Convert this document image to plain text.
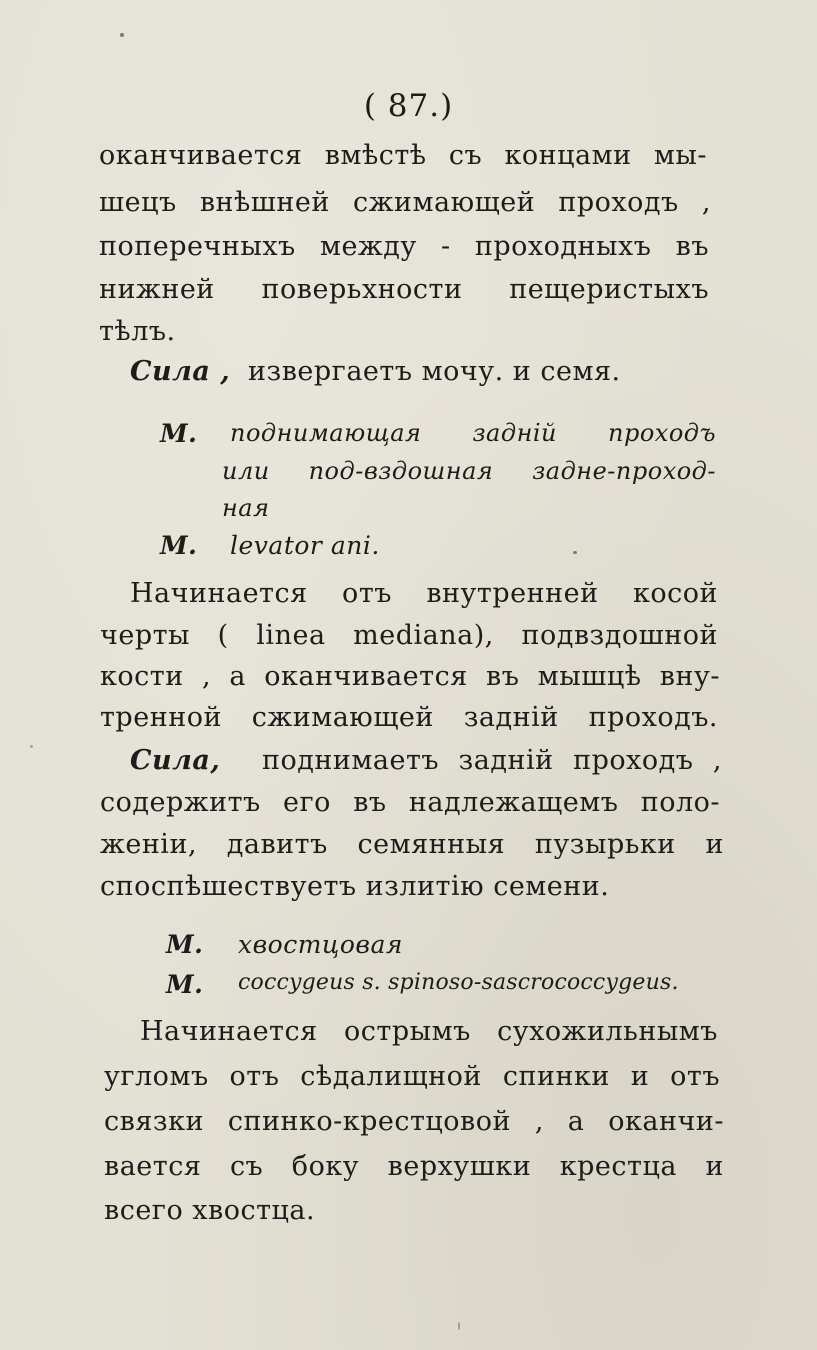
( 87.)
оканчивается вмѣстѣ съ концами мы-
шецъ внѣшней сжимающей проходъ ,
поперечныхъ между - проходныхъ въ
нижней поверьхности пещеристыхъ
тѣлъ.
Сила , извергаетъ мочу. и семя.
М. поднимающая задній проходъ
или под-вздошная задне-проход-
ная
М. levator ani.
Начинается отъ внутренней косой
черты ( linea mediana), подвздошной
кости , а оканчивается въ мышцѣ вну-
тренной сжимающей задній проходъ.
Сила, поднимаетъ задній проходъ ,
содержитъ его въ надлежащемъ поло-
женіи, давитъ семянныя пузырьки и
споспѣшествуетъ излитію семени.
М. хвостцовая
М. coccygeus s. spinoso-sascrococcygeus.
Начинается острымъ сухожильнымъ
угломъ отъ сѣдалищной спинки и отъ
связки спинко-крестцовой , а оканчи-
вается съ боку верхушки крестца и
всего хвостца.
